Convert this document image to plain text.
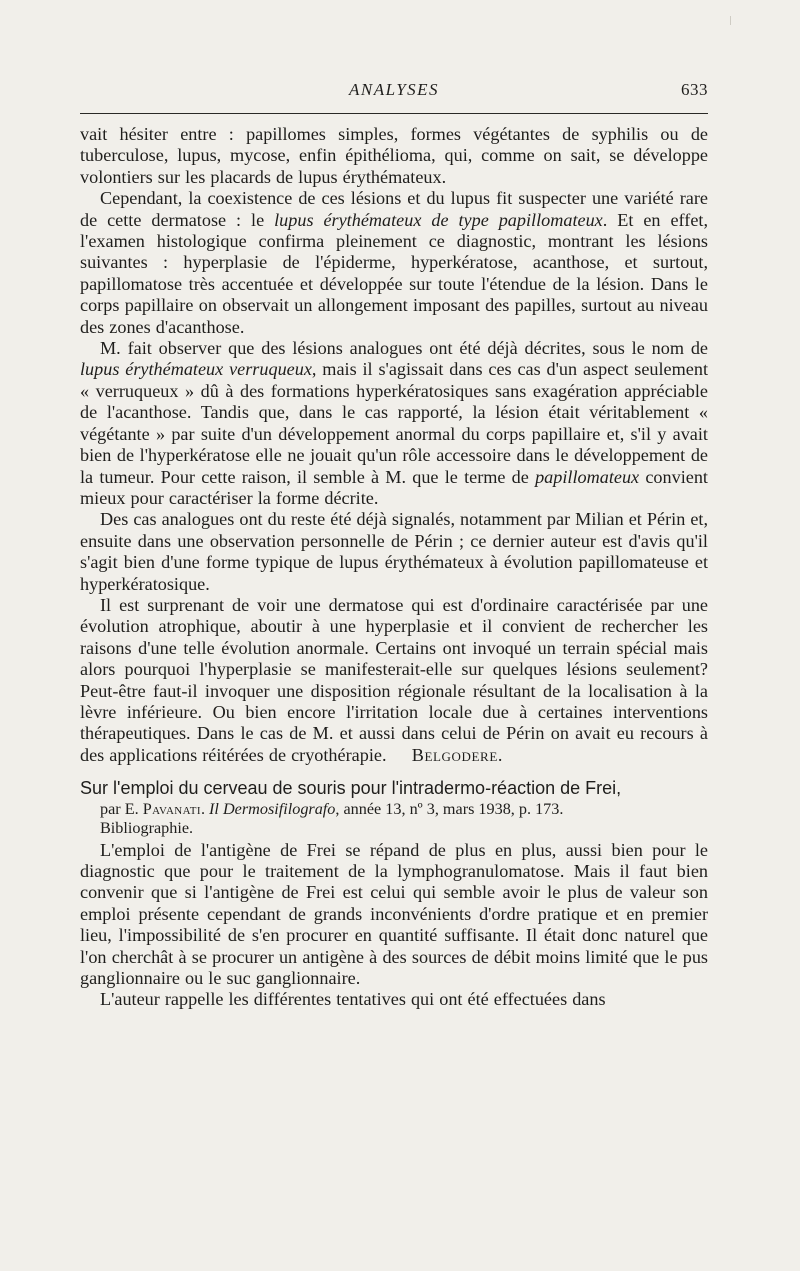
ANALYSES	633

vait hésiter entre : papillomes simples, formes végétantes de syphilis ou de tuberculose, lupus, mycose, enfin épithélioma, qui, comme on sait, se développe volontiers sur les placards de lupus érythémateux.

Cependant, la coexistence de ces lésions et du lupus fit suspecter une variété rare de cette dermatose : le lupus érythémateux de type papillomateux. Et en effet, l'examen histologique confirma pleinement ce diagnostic, montrant les lésions suivantes : hyperplasie de l'épiderme, hyperkératose, acanthose, et surtout, papillomatose très accentuée et développée sur toute l'étendue de la lésion. Dans le corps papillaire on observait un allongement imposant des papilles, surtout au niveau des zones d'acanthose.

M. fait observer que des lésions analogues ont été déjà décrites, sous le nom de lupus érythémateux verruqueux, mais il s'agissait dans ces cas d'un aspect seulement « verruqueux » dû à des formations hyperkératosiques sans exagération appréciable de l'acanthose. Tandis que, dans le cas rapporté, la lésion était véritablement « végétante » par suite d'un développement anormal du corps papillaire et, s'il y avait bien de l'hyperkératose elle ne jouait qu'un rôle accessoire dans le développement de la tumeur. Pour cette raison, il semble à M. que le terme de papillomateux convient mieux pour caractériser la forme décrite.

Des cas analogues ont du reste été déjà signalés, notamment par Milian et Périn et, ensuite dans une observation personnelle de Périn ; ce dernier auteur est d'avis qu'il s'agit bien d'une forme typique de lupus érythémateux à évolution papillomateuse et hyperkératosique.

Il est surprenant de voir une dermatose qui est d'ordinaire caractérisée par une évolution atrophique, aboutir à une hyperplasie et il convient de rechercher les raisons d'une telle évolution anormale. Certains ont invoqué un terrain spécial mais alors pourquoi l'hyperplasie se manifesterait-elle sur quelques lésions seulement? Peut-être faut-il invoquer une disposition régionale résultant de la localisation à la lèvre inférieure. Ou bien encore l'irritation locale due à certaines interventions thérapeutiques. Dans le cas de M. et aussi dans celui de Périn on avait eu recours à des applications réitérées de cryothérapie. Belgodere.

Sur l'emploi du cerveau de souris pour l'intradermo-réaction de Frei,

par E. Pavanati. Il Dermosifilografo, année 13, nº 3, mars 1938, p. 173.
Bibliographie.

L'emploi de l'antigène de Frei se répand de plus en plus, aussi bien pour le diagnostic que pour le traitement de la lymphogranulomatose. Mais il faut bien convenir que si l'antigène de Frei est celui qui semble avoir le plus de valeur son emploi présente cependant de grands inconvénients d'ordre pratique et en premier lieu, l'impossibilité de s'en procurer en quantité suffisante. Il était donc naturel que l'on cherchât à se procurer un antigène à des sources de débit moins limité que le pus ganglionnaire ou le suc ganglionnaire.

L'auteur rappelle les différentes tentatives qui ont été effectuées dans
